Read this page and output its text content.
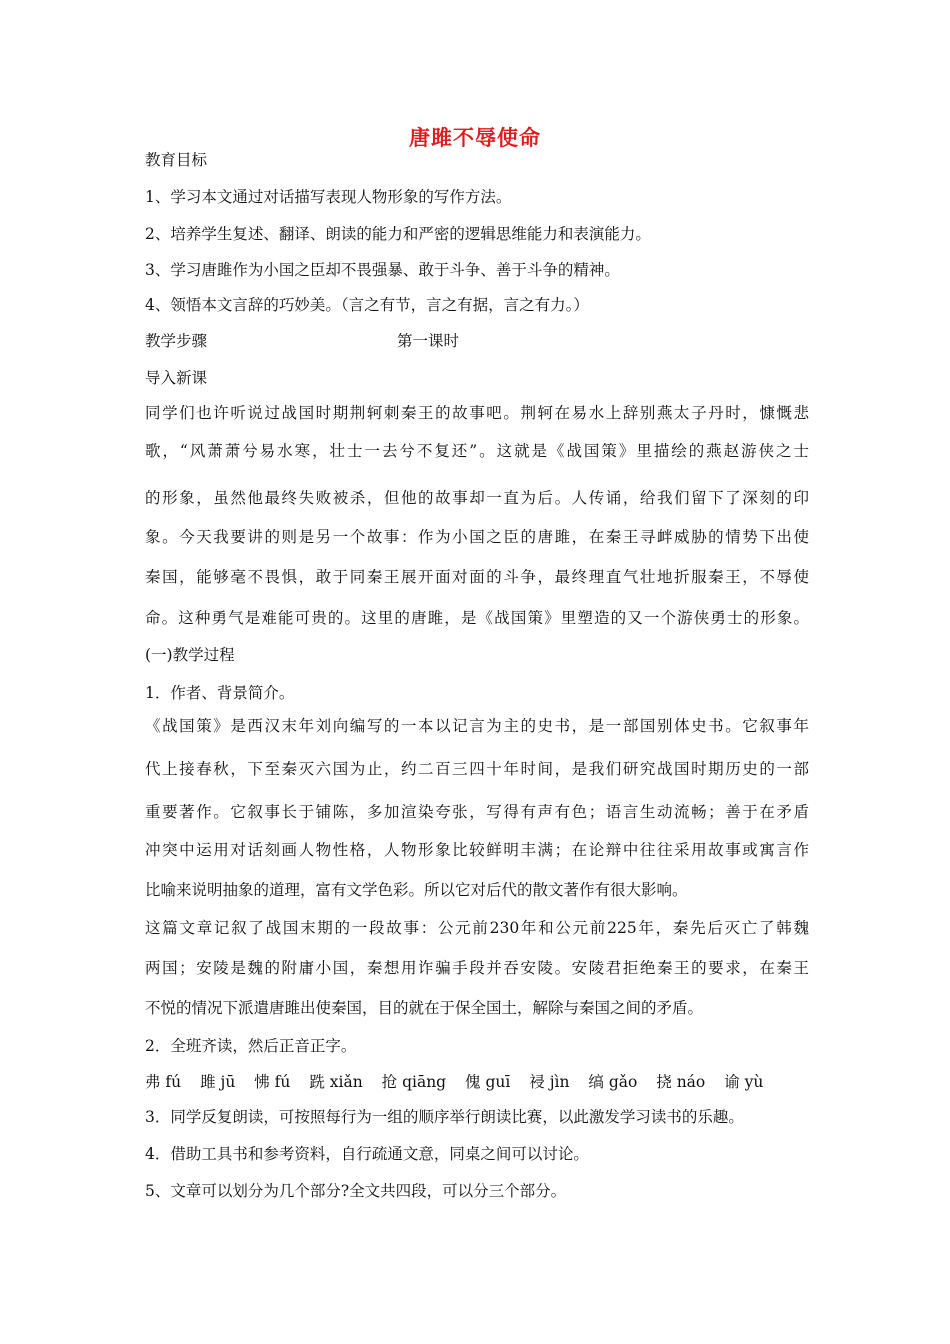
唐雎不辱使命
教育目标
1、学习本文通过对话描写表现人物形象的写作方法。
2、培养学生复述、翻译、朗读的能力和严密的逻辑思维能力和表演能力。
3、学习唐雎作为小国之臣却不畏强暴、敢于斗争、善于斗争的精神。
4、领悟本文言辞的巧妙美。（言之有节，言之有据，言之有力。）
教学步骤	第一课时
导入新课
同学们也许听说过战国时期荆轲刺秦王的故事吧。荆轲在易水上辞别燕太子丹时，慷慨悲
歌，“风萧萧兮易水寒，壮士一去兮不复还”。这就是《战国策》里描绘的燕赵游侠之士
的形象，虽然他最终失败被杀，但他的故事却一直为后。人传诵，给我们留下了深刻的印
象。今天我要讲的则是另一个故事：作为小国之臣的唐雎，在秦王寻衅威胁的情势下出使
秦国，能够毫不畏惧，敢于同秦王展开面对面的斗争，最终理直气壮地折服秦王，不辱使
命。这种勇气是难能可贵的。这里的唐雎，是《战国策》里塑造的又一个游侠勇士的形象。
(一)教学过程
1．作者、背景简介。
《战国策》是西汉末年刘向编写的一本以记言为主的史书，是一部国别体史书。它叙事年
代上接春秋，下至秦灭六国为止，约二百三四十年时间，是我们研究战国时期历史的一部
重要著作。它叙事长于铺陈，多加渲染夸张，写得有声有色；语言生动流畅；善于在矛盾
冲突中运用对话刻画人物性格，人物形象比较鲜明丰满；在论辩中往往采用故事或寓言作
比喻来说明抽象的道理，富有文学色彩。所以它对后代的散文著作有很大影响。
这篇文章记叙了战国末期的一段故事：公元前230年和公元前225年，秦先后灭亡了韩魏
两国；安陵是魏的附庸小国，秦想用诈骗手段并吞安陵。安陵君拒绝秦王的要求，在秦王
不悦的情况下派遣唐雎出使秦国，目的就在于保全国土，解除与秦国之间的矛盾。
2．全班齐读，然后正音正字。
弗 fú 雎 jū 怫 fú 跣 xiǎn 抢 qiāng 傀 guī 祲 jìn 缟 gǎo 挠 náo 谕 yù
3．同学反复朗读，可按照每行为一组的顺序举行朗读比赛，以此激发学习读书的乐趣。
4．借助工具书和参考资料，自行疏通文意，同桌之间可以讨论。
5、文章可以划分为几个部分?全文共四段，可以分三个部分。
